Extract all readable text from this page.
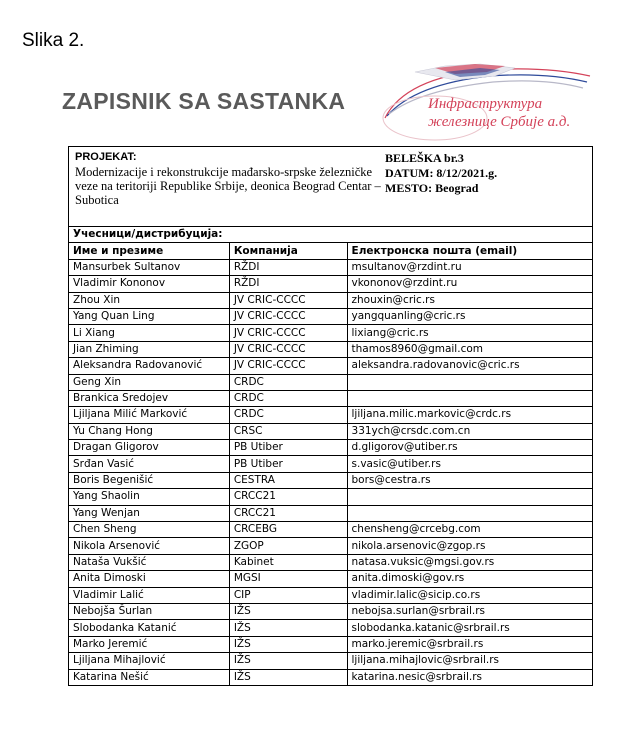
Slika 2.
ZAPISNIK SA SASTANKA	Инфраструктура
железнице Србије а.д.
PROJEKAT:
Modernizacije i rekonstrukcije mađarsko-srpske železničke veze na teritoriji Republike Srbije, deonica Beograd Centar – Subotica
BELEŠKA br.3
DATUM: 8/12/2021.g.
MESTO: Beograd
Учесници/дистрибуција:		
Име и презиме	Компанија	Електронска пошта (email)
Mansurbek Sultanov	RŽDI	msultanov@rzdint.ru
Vladimir Kononov	RŽDI	vkononov@rzdint.ru
Zhou Xin	JV CRIC-CCCC	zhouxin@cric.rs
Yang Quan Ling	JV CRIC-CCCC	yangquanling@cric.rs
Li Xiang	JV CRIC-CCCC	lixiang@cric.rs
Jian Zhiming	JV CRIC-CCCC	thamos8960@gmail.com
Aleksandra Radovanović	JV CRIC-CCCC	aleksandra.radovanovic@cric.rs
Geng Xin	CRDC	
Brankica Sredojev	CRDC	
Ljiljana Milić Marković	CRDC	ljiljana.milic.markovic@crdc.rs
Yu Chang Hong	CRSC	331ych@crsdc.com.cn
Dragan Gligorov	PB Utiber	d.gligorov@utiber.rs
Srđan Vasić	PB Utiber	s.vasic@utiber.rs
Boris Begenišić	CESTRA	bors@cestra.rs
Yang Shaolin	CRCC21	
Yang Wenjan	CRCC21	
Chen Sheng	CRCEBG	chensheng@crcebg.com
Nikola Arsenović	ZGOP	nikola.arsenovic@zgop.rs
Nataša Vukšić	Kabinet	natasa.vuksic@mgsi.gov.rs
Anita Dimoski	MGSI	anita.dimoski@gov.rs
Vladimir Lalić	CIP	vladimir.lalic@sicip.co.rs
Nebojša Šurlan	IŽS	nebojsa.surlan@srbrail.rs
Slobodanka Katanić	IŽS	slobodanka.katanic@srbrail.rs
Marko Jeremić	IŽS	marko.jeremic@srbrail.rs
Ljiljana Mihajlović	IŽS	ljiljana.mihajlovic@srbrail.rs
Katarina Nešić	IŽS	katarina.nesic@srbrail.rs
